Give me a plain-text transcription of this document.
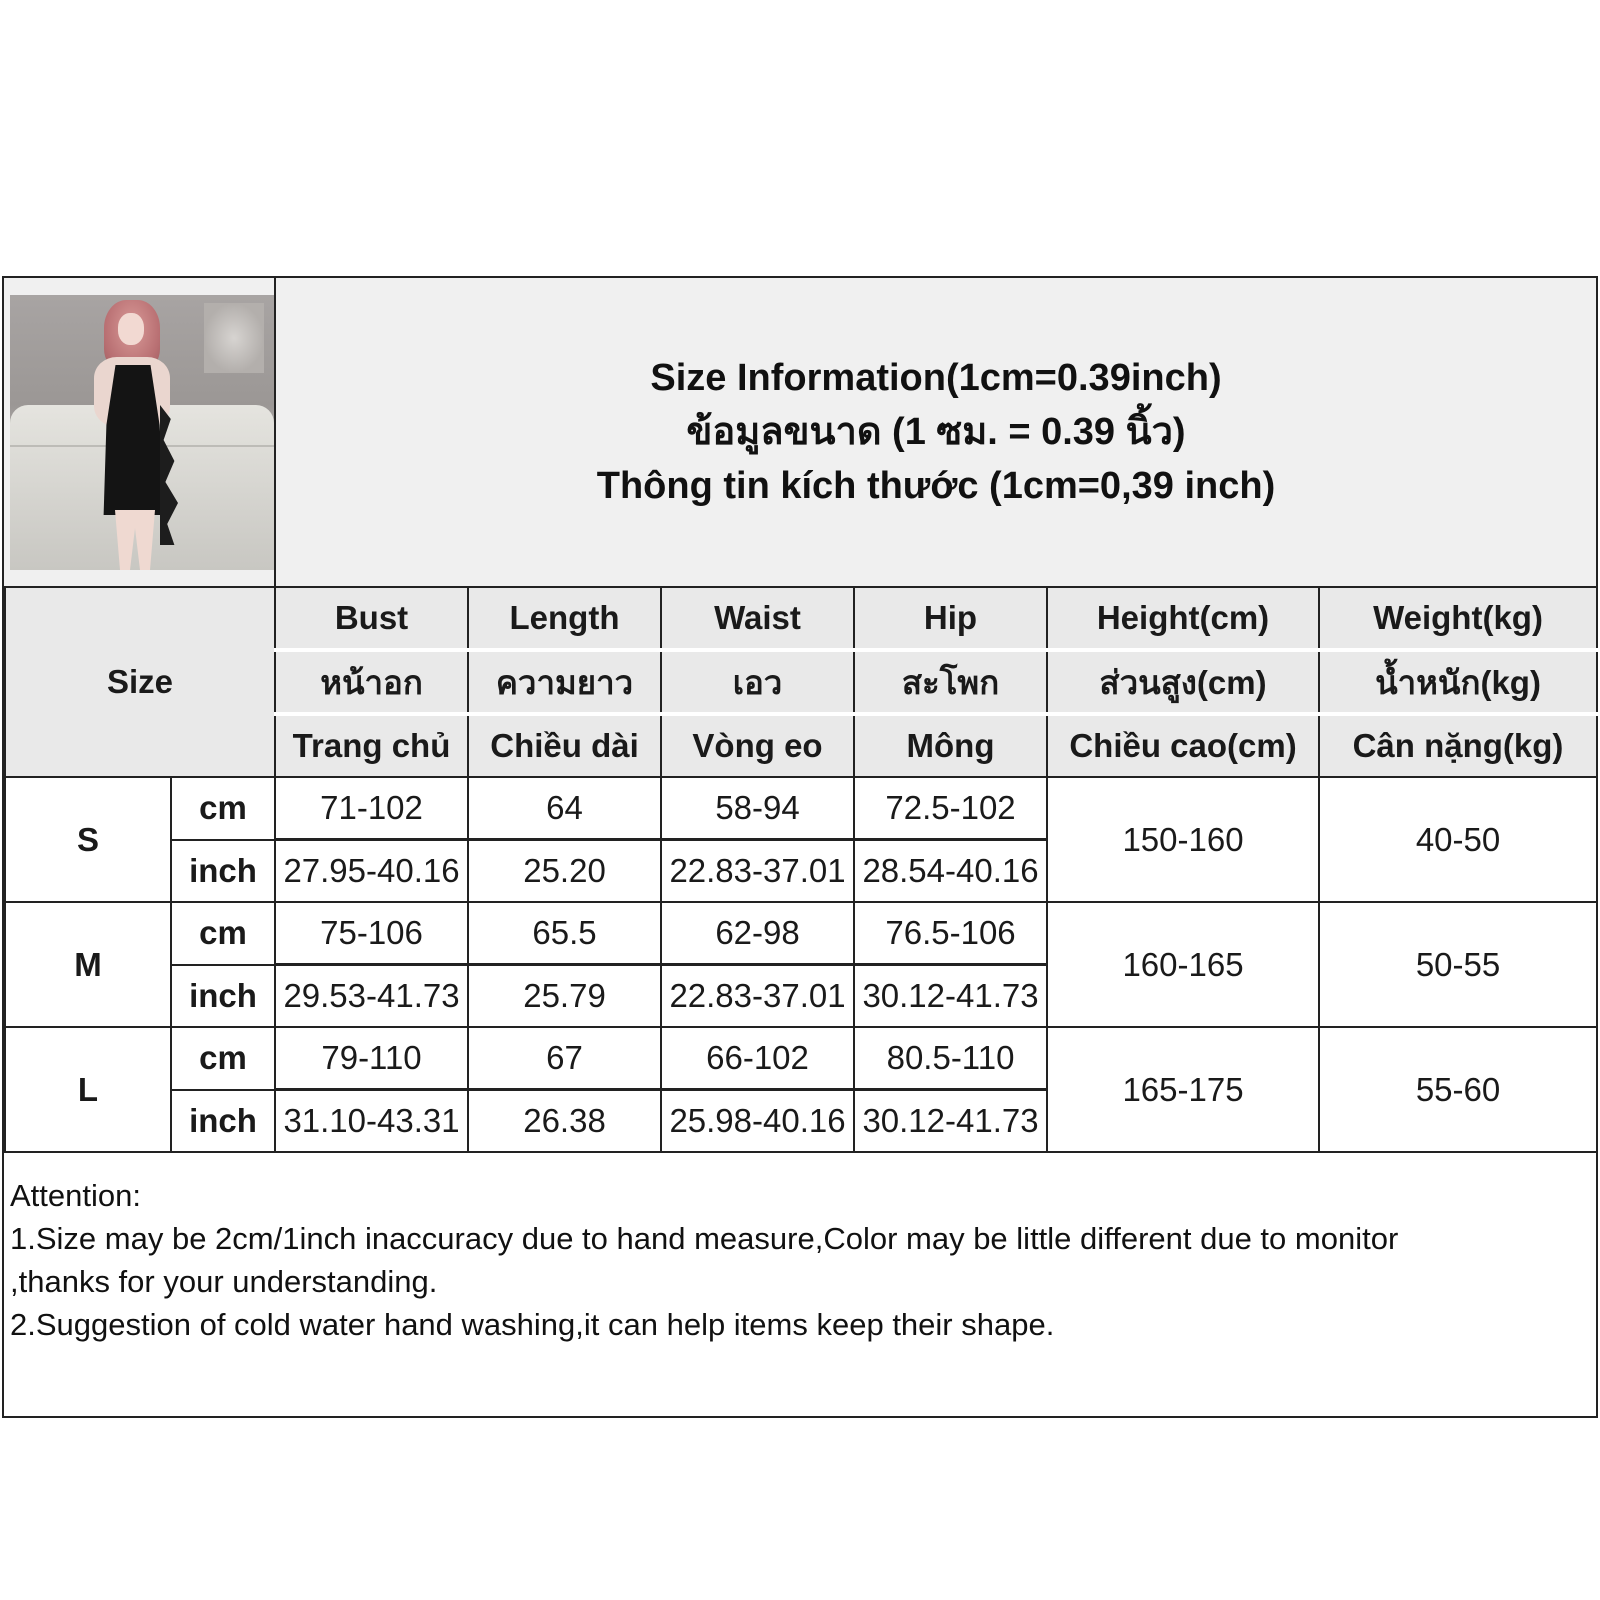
Size Information(1cm=0.39inch)
ข้อมูลขนาด (1 ซม. = 0.39 นิ้ว)
Thông tin kích thước (1cm=0,39 inch)
Size		Bust	Length	Waist	Hip	Height(cm)	Weight(kg)
		หน้าอก	ความยาว	เอว	สะโพก	ส่วนสูง(cm)	น้ำหนัก(kg)
		Trang chủ	Chiều dài	Vòng eo	Mông	Chiều cao(cm)	Cân nặng(kg)
S	cm	71-102	64	58-94	72.5-102	150-160	40-50
	inch	27.95-40.16	25.20	22.83-37.01	28.54-40.16		
M	cm	75-106	65.5	62-98	76.5-106	160-165	50-55
	inch	29.53-41.73	25.79	22.83-37.01	30.12-41.73		
L	cm	79-110	67	66-102	80.5-110	165-175	55-60
	inch	31.10-43.31	26.38	25.98-40.16	30.12-41.73		

Attention:

1.Size may be 2cm/1inch inaccuracy due to hand measure,Color may be little different due to monitor

,thanks for your understanding.

2.Suggestion of cold water hand washing,it can help items keep their shape.
